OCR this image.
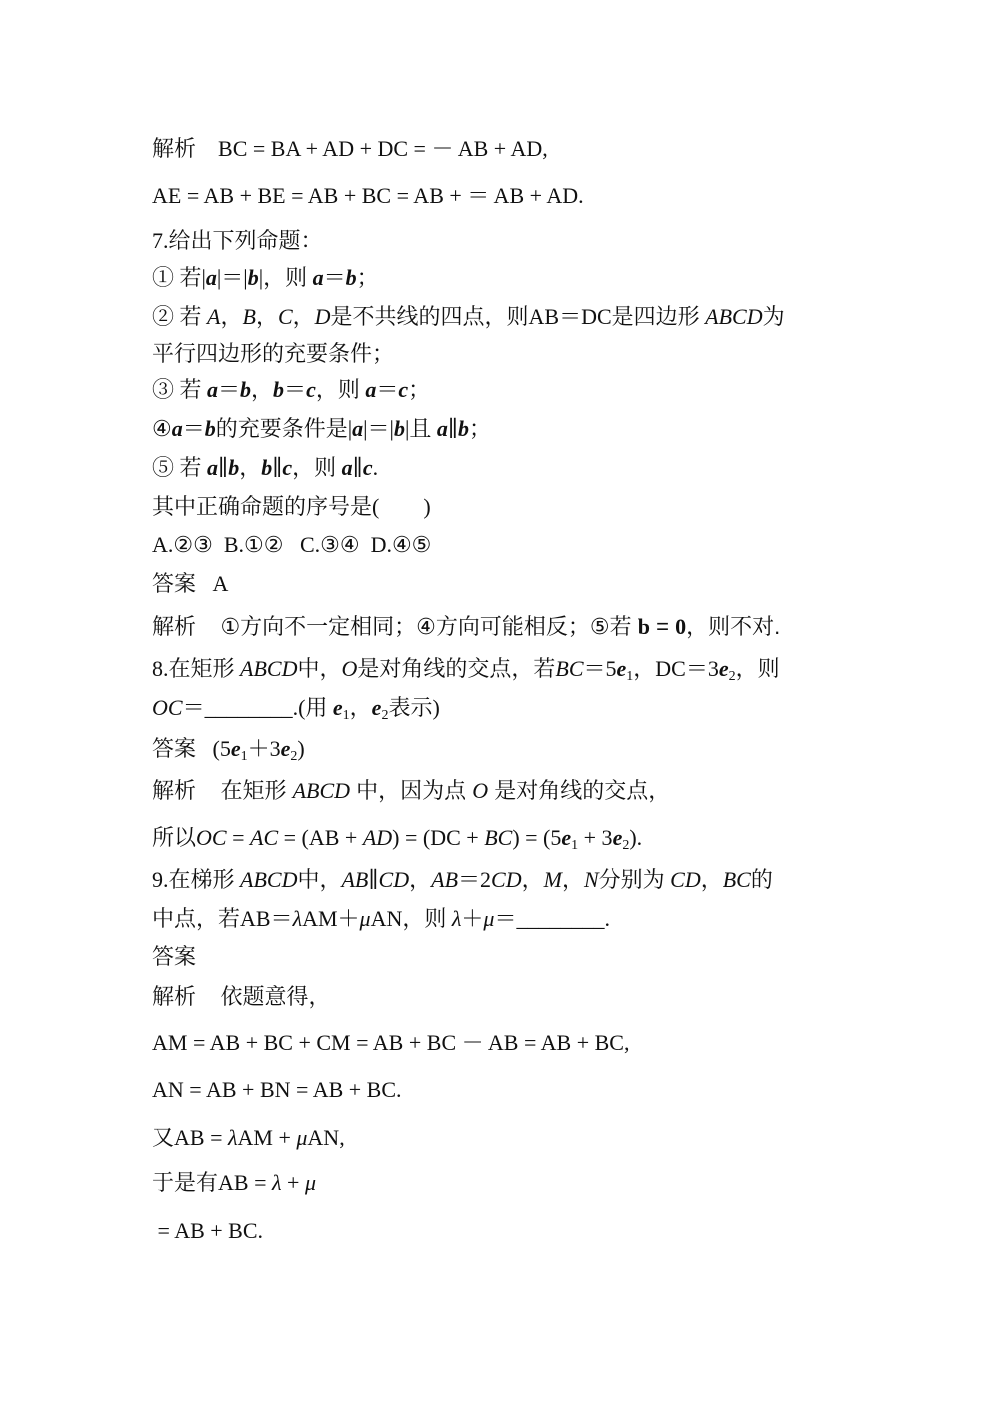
解析    BC = BA + AD + DC = － AB + AD,
AE = AB + BE = AB + BC = AB + ＝ AB + AD.
7.给出下列命题：
① 若|a|＝|b|，则 a＝b；
② 若 A，B，C，D是不共线的四点，则AB＝DC是四边形 ABCD为
平行四边形的充要条件；
③ 若 a＝b，b＝c，则 a＝c；
④a＝b的充要条件是|a|＝|b|且 a∥b；
⑤ 若 a∥b，b∥c，则 a∥c.
其中正确命题的序号是(　　)
A.②③  B.①②   C.③④  D.④⑤
答案   A
解析    ①方向不一定相同；④方向可能相反；⑤若 b = 0，则不对.
8.在矩形 ABCD中，O是对角线的交点，若$BC=5e_1$，$DC=3e_2$，则
OC＝________.(用 $e_1$，$e_2$表示)
答案   $(5e_1+3e_2)$
解析    在矩形 ABCD 中，因为点 O 是对角线的交点，
所以OC = AC = $(AB + AD) = (DC + BC) = (5e_1 + 3e_2)$.
9.在梯形 ABCD中，AB∥CD，AB＝2CD，M，N分别为 CD，BC的
中点，若AB＝λAM＋μAN，则 λ＋μ＝________.
答案
解析    依题意得，
AM = AB + BC + CM = AB + BC － AB = AB + BC,
AN = AB + BN = AB + BC.
又AB = λAM + μAN,
于是有AB = λ + μ
= AB + BC.
